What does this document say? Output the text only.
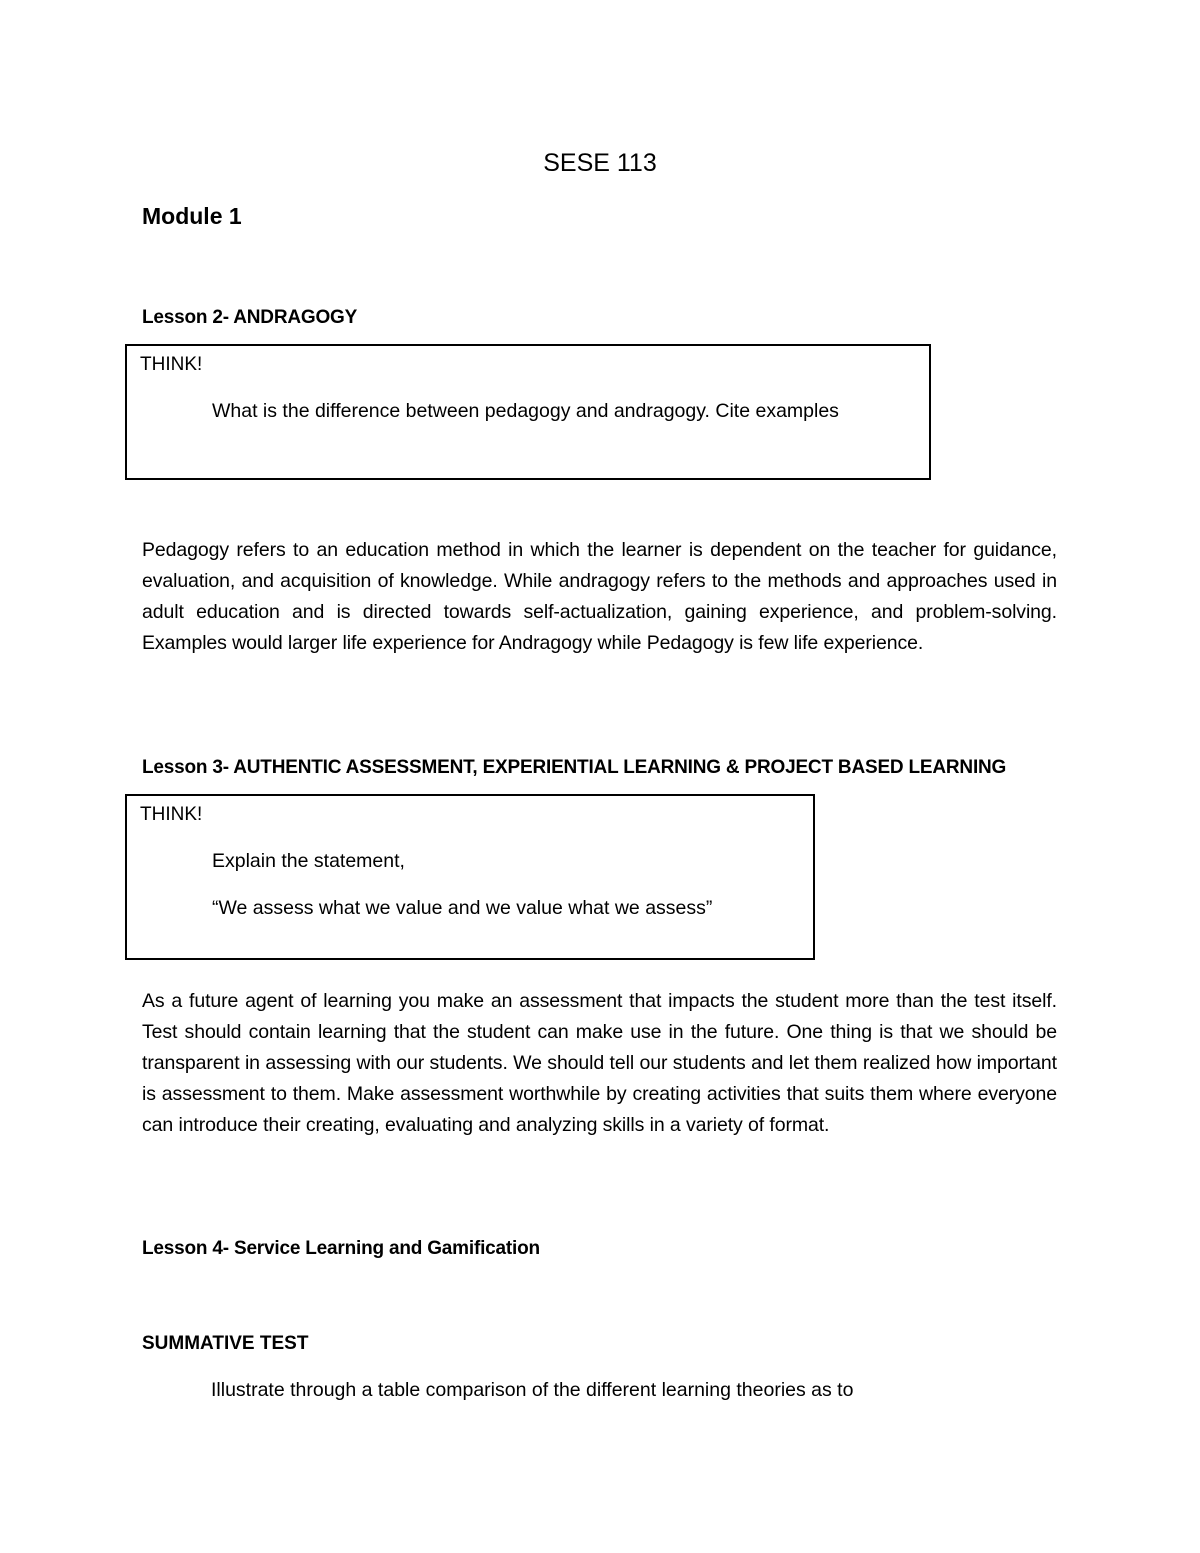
SESE 113
Module 1
Lesson 2- ANDRAGOGY
THINK!
What is the difference between pedagogy and andragogy. Cite examples
Pedagogy refers to an education method in which the learner is dependent on the teacher for guidance, evaluation, and acquisition of knowledge. While andragogy refers to the methods and approaches used in adult education and is directed towards self-actualization, gaining experience, and problem-solving. Examples would larger life experience for Andragogy while Pedagogy is few life experience.
Lesson 3- AUTHENTIC ASSESSMENT, EXPERIENTIAL LEARNING & PROJECT BASED LEARNING
THINK!
Explain the statement,
“We assess what we value and we value what we assess”
As a future agent of learning you make an assessment that impacts the student more than the test itself. Test should contain learning that the student can make use in the future. One thing is that we should be transparent in assessing with our students. We should tell our students and let them realized how important is assessment to them. Make assessment worthwhile by creating activities that suits them where everyone can introduce their creating, evaluating and analyzing skills in a variety of format.
Lesson 4- Service Learning and Gamification
SUMMATIVE TEST
Illustrate through a table comparison of the different learning theories as to
